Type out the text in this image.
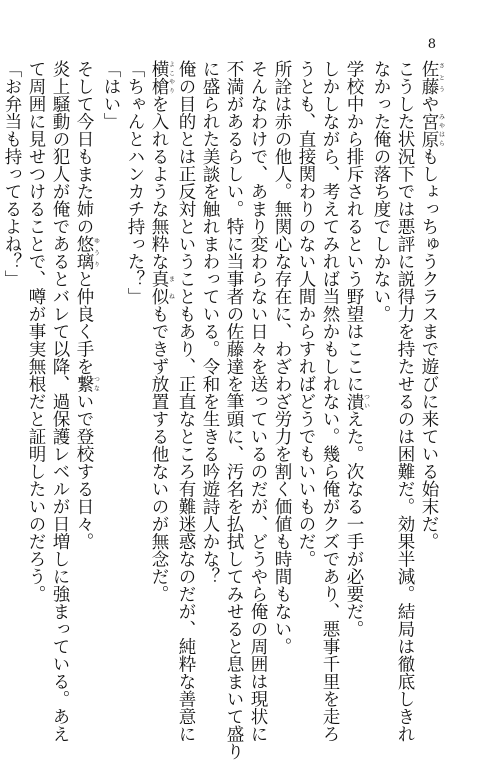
8

佐藤さとうや宮原みやはらもしょっちゅうクラスまで遊びに来ている始末だ。

こうした状況下では悪評に説得力を持たせるのは困難だ。効果半減。結局は徹底しきれ

なかった俺の落ち度でしかない。

学校中から排斥されるという野望はここに潰ついえた。次なる一手が必要だ。

しかしながら、考えてみれば当然かもしれない。幾ら俺がクズであり、悪事千里を走ろ

うとも、直接関わりのない人間からすればどうでもいいものだ。

所詮は赤の他人。無関心な存在に、わざわざ労力を割く価値も時間もない。

そんなわけで、あまり変わらない日々を送っているのだが、どうやら俺の周囲は現状に

不満があるらしい。特に当事者の佐藤達を筆頭に、汚名を払拭してみせると息まいて盛り

に盛られた美談を触れまわっている。令和を生きる吟遊詩人かな？

俺の目的とは正反対ということもあり、正直なところ有難迷惑なのだが、純粋な善意に

横槍よこやりを入れるような無粋な真似まねもできず放置する他ないのが無念だ。

「ちゃんとハンカチ持った？」

「はい」

そして今日もまた姉の悠璃ゆうりと仲良く手を繋つないで登校する日々。

炎上騒動の犯人が俺であるとバレて以降、過保護レベルが日増しに強まっている。あえ

て周囲に見せつけることで、噂が事実無根だと証明したいのだろう。

「お弁当も持ってるよね？」
